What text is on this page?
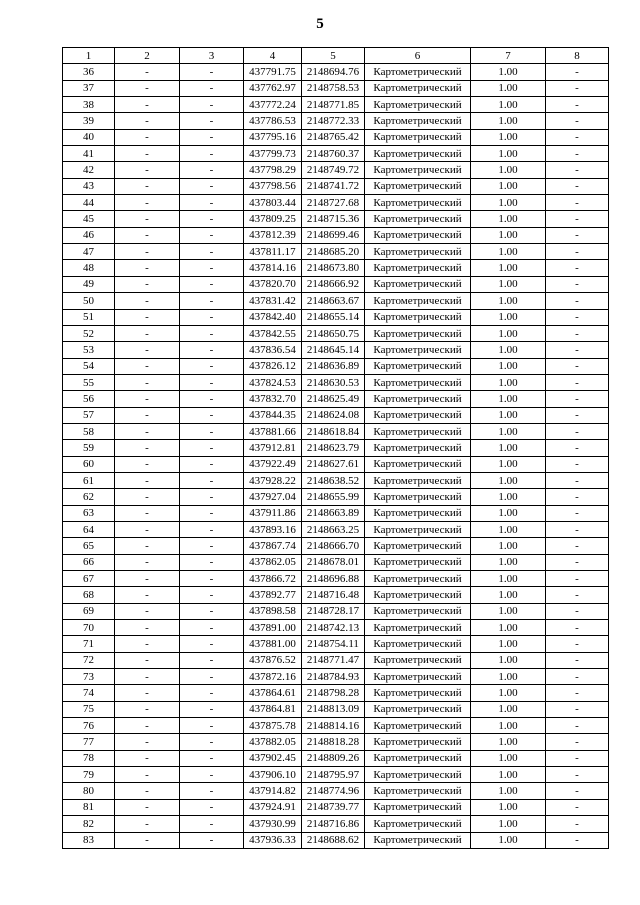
5
1	2	3	4	5	6	7	8
36	-	-	437791.75	2148694.76	Картометрический	1.00	-
37	-	-	437762.97	2148758.53	Картометрический	1.00	-
38	-	-	437772.24	2148771.85	Картометрический	1.00	-
39	-	-	437786.53	2148772.33	Картометрический	1.00	-
40	-	-	437795.16	2148765.42	Картометрический	1.00	-
41	-	-	437799.73	2148760.37	Картометрический	1.00	-
42	-	-	437798.29	2148749.72	Картометрический	1.00	-
43	-	-	437798.56	2148741.72	Картометрический	1.00	-
44	-	-	437803.44	2148727.68	Картометрический	1.00	-
45	-	-	437809.25	2148715.36	Картометрический	1.00	-
46	-	-	437812.39	2148699.46	Картометрический	1.00	-
47	-	-	437811.17	2148685.20	Картометрический	1.00	-
48	-	-	437814.16	2148673.80	Картометрический	1.00	-
49	-	-	437820.70	2148666.92	Картометрический	1.00	-
50	-	-	437831.42	2148663.67	Картометрический	1.00	-
51	-	-	437842.40	2148655.14	Картометрический	1.00	-
52	-	-	437842.55	2148650.75	Картометрический	1.00	-
53	-	-	437836.54	2148645.14	Картометрический	1.00	-
54	-	-	437826.12	2148636.89	Картометрический	1.00	-
55	-	-	437824.53	2148630.53	Картометрический	1.00	-
56	-	-	437832.70	2148625.49	Картометрический	1.00	-
57	-	-	437844.35	2148624.08	Картометрический	1.00	-
58	-	-	437881.66	2148618.84	Картометрический	1.00	-
59	-	-	437912.81	2148623.79	Картометрический	1.00	-
60	-	-	437922.49	2148627.61	Картометрический	1.00	-
61	-	-	437928.22	2148638.52	Картометрический	1.00	-
62	-	-	437927.04	2148655.99	Картометрический	1.00	-
63	-	-	437911.86	2148663.89	Картометрический	1.00	-
64	-	-	437893.16	2148663.25	Картометрический	1.00	-
65	-	-	437867.74	2148666.70	Картометрический	1.00	-
66	-	-	437862.05	2148678.01	Картометрический	1.00	-
67	-	-	437866.72	2148696.88	Картометрический	1.00	-
68	-	-	437892.77	2148716.48	Картометрический	1.00	-
69	-	-	437898.58	2148728.17	Картометрический	1.00	-
70	-	-	437891.00	2148742.13	Картометрический	1.00	-
71	-	-	437881.00	2148754.11	Картометрический	1.00	-
72	-	-	437876.52	2148771.47	Картометрический	1.00	-
73	-	-	437872.16	2148784.93	Картометрический	1.00	-
74	-	-	437864.61	2148798.28	Картометрический	1.00	-
75	-	-	437864.81	2148813.09	Картометрический	1.00	-
76	-	-	437875.78	2148814.16	Картометрический	1.00	-
77	-	-	437882.05	2148818.28	Картометрический	1.00	-
78	-	-	437902.45	2148809.26	Картометрический	1.00	-
79	-	-	437906.10	2148795.97	Картометрический	1.00	-
80	-	-	437914.82	2148774.96	Картометрический	1.00	-
81	-	-	437924.91	2148739.77	Картометрический	1.00	-
82	-	-	437930.99	2148716.86	Картометрический	1.00	-
83	-	-	437936.33	2148688.62	Картометрический	1.00	-
